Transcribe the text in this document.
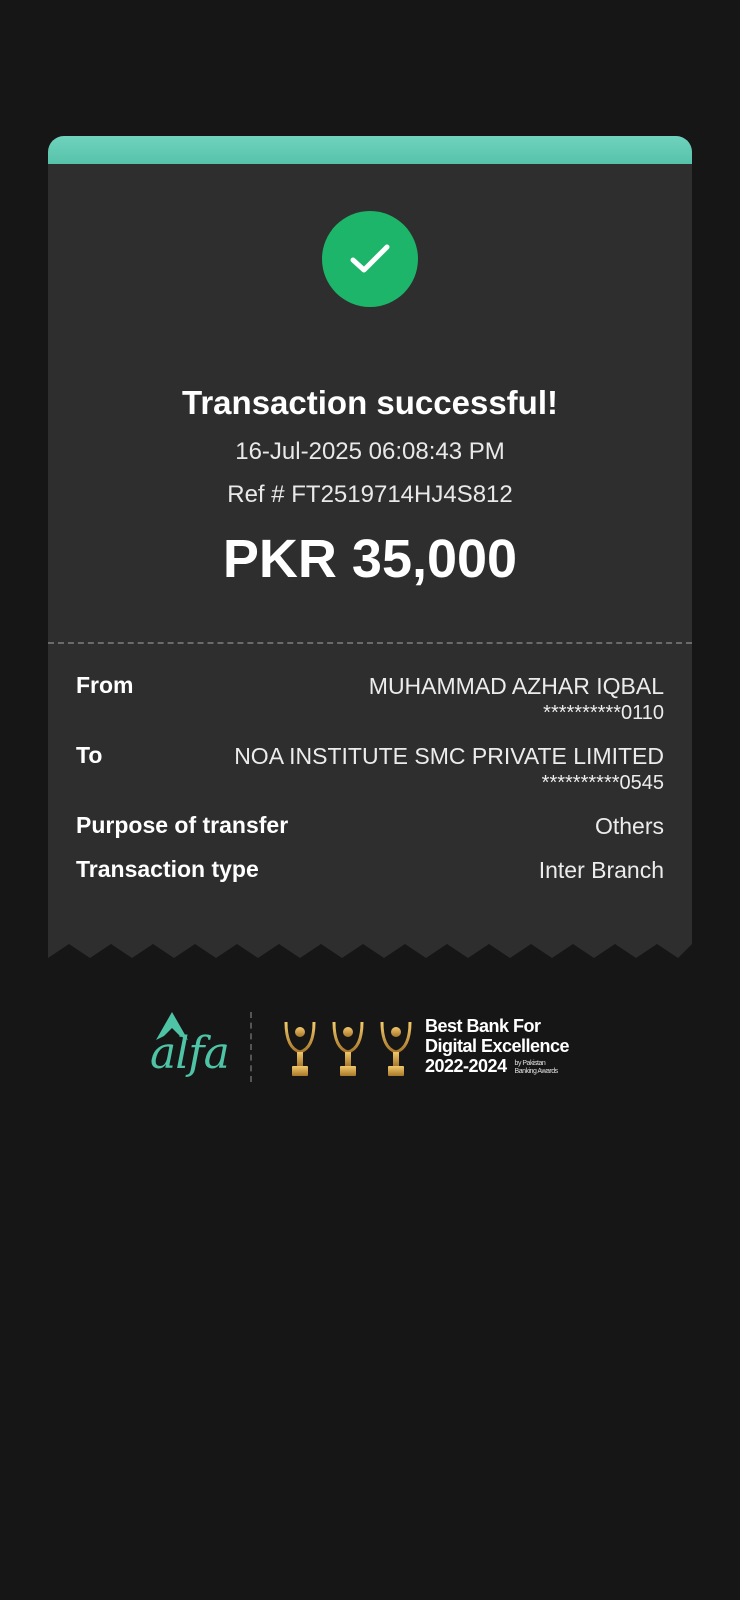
Transaction successful!
16-Jul-2025 06:08:43 PM
Ref # FT2519714HJ4S812
PKR 35,000
From	MUHAMMAD AZHAR IQBAL
**********0110
To	NOA INSTITUTE SMC PRIVATE LIMITED
**********0545
Purpose of transfer	Others
Transaction type	Inter Branch
alfa
Best Bank For
Digital Excellence
2022-2024 by Pakistan
Banking Awards
